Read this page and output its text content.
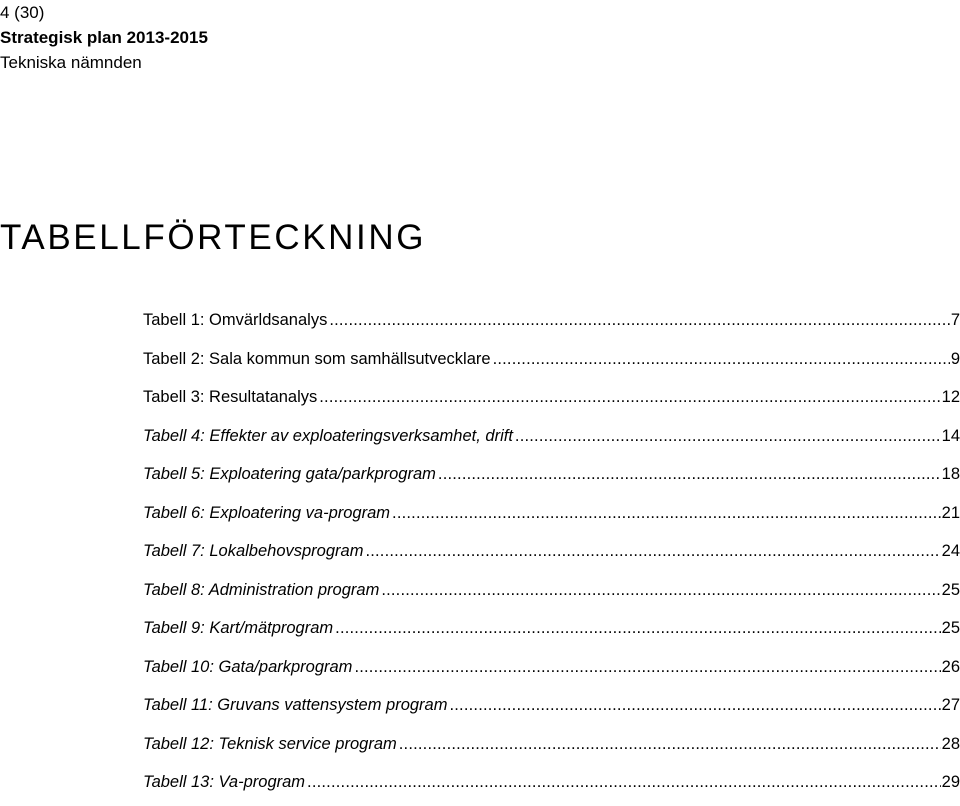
4 (30)
Strategisk plan 2013-2015
Tekniska nämnden
TABELLFÖRTECKNING
Tabell 1: Omvärldsanalys .....	7
Tabell 2: Sala kommun som samhällsutvecklare .....	9
Tabell 3: Resultatanalys .....	12
Tabell 4: Effekter av exploateringsverksamhet, drift .....	14
Tabell 5: Exploatering gata/parkprogram .....	18
Tabell 6: Exploatering va-program .....	21
Tabell 7: Lokalbehovsprogram .....	24
Tabell 8: Administration program .....	25
Tabell 9: Kart/mätprogram .....	25
Tabell 10: Gata/parkprogram .....	26
Tabell 11: Gruvans vattensystem program .....	27
Tabell 12: Teknisk service program .....	28
Tabell 13: Va-program .....	29
